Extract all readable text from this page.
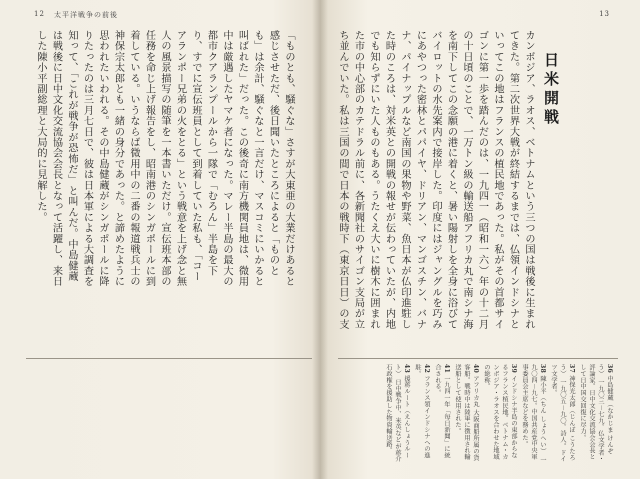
12 太平洋戦争の前後

「ものとも、騒ぐな」さすが大東亜の大業だけあると感じさせただ、後日聞いたところによると「ものとも」は余計、騒ぐなと一言だけ、マスコミにいかると叫ばれた」だった。この後奇に南方機関員地は、微用中は厳遇したヤマケ者になった。マレー半島の最大の都市クアランプールから一隊で「むろん」半島を下り、すでに宣伝班員として到着していた私も、「コーアランポー兄弟の火をとる」という戦意を上げ念と無人の風景描写の随筆を一本書いただけ。宣伝班本部の任務を命じ上げ報告をし、昭南港のシンガポールに到着している。いうならば微用中の二番の報道戦兵士の神保宗太郎とも一緒の身分であった。と諦めたように思われたいわれる。その中島健蔵がシンガポールに降りたったのは三月七日で、彼は日本軍による大調査を知って、「これが戦争が恐怖だ」と叫んだ。中島健蔵は戦後に日中文化交流協会会長となって活躍し、来日した陳小平副総理と大局的に見解した。

13
日米開戦

カンボジア、ラオス、ベトナムという三つの国は戦後に生まれてきた。第二次世界大戦が終結するまでは、仏領インドシナといってこの地はフランスの植民地であった。私がその首都サイゴンに第一歩を踏んだのは、一九四一（昭和一六）年の十二月の十日頃のことで、一万トン級の輸送船アフリカ丸で南シナ海を南下してこの念願の港に着くと、暑い陽射しを全身に浴びてバイロットの水先案内で接岸した。印度にはジャングルを巧みにあやつった密林とパパイヤ、ドリアン、マンゴスチン、バナナ、パイナップルなど南国の果物や野菜、魚日本が仏印進駐した時のころは、対米英との開戦の報せが伝わっていたが、内地でも知らずにいた人ものもある。うたくえ大いに樹木に囲まれた市の中心部のカテドラル前に、各新聞社のサイゴン支局が立ち並んでいた。私は三国の間で日本の戦時下（東京日日）の支

36 中島健蔵（なかじま けんぞう） 一九〇三－七九。仏文学者・評論家。日中文化交流協会会長として日中国交回復に尽力。

37 神保光太郎（じんぼ こうたろう） 一九〇五－九〇。詩人。ドイツ文学者。

38 陳小平（ちん しょうへい） 一九〇四－九七。中国共産党中央軍事委員会主席などを務めた。

39 インドシナ半島の東部からなるフランス植民地。ベトナム・カンボジア・ラオスを合わせた地域の総称。

40 アフリカ丸 大阪商船所属の貨客船。戦時中は陸軍に徴用され輸送船として使用された。

41 一九四一年「毎日新聞」に統合される。

42 フランス領インドシナへの進駐。

43 援蒋ルート（えんしょうルート） 日中戦争中、米英などが蒋介石政権を援助した物資輸送路。
